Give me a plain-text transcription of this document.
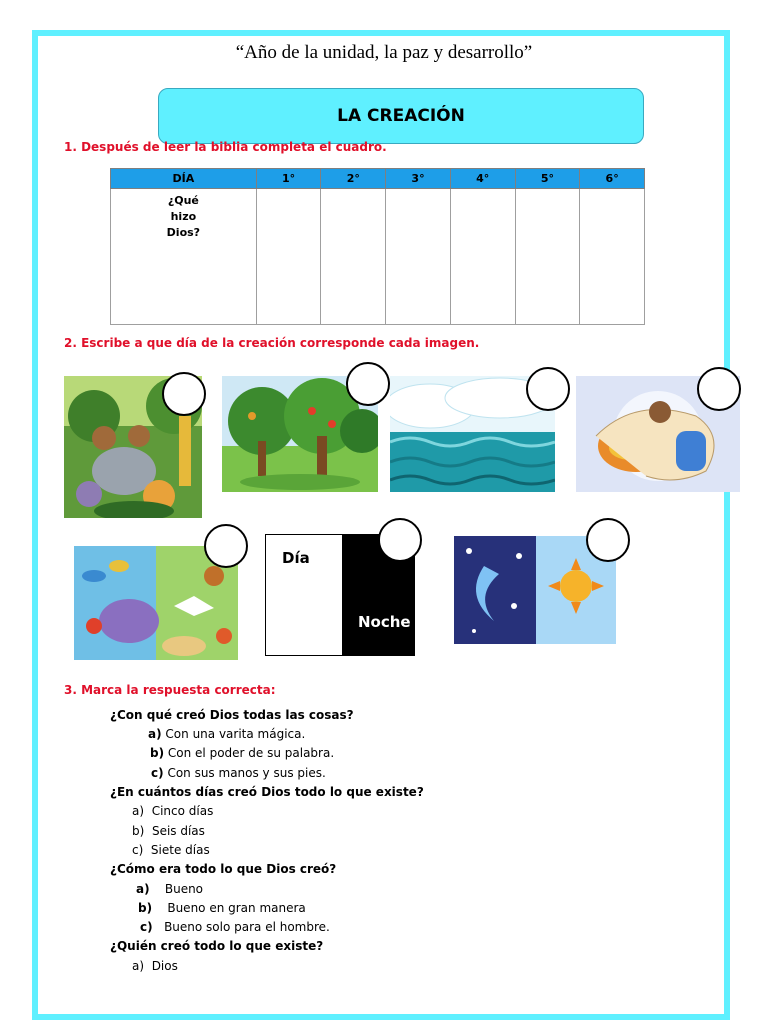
“Año de la unidad, la paz y desarrollo”
LA CREACIÓN
1. Después de leer la biblia completa el cuadro.
DÍA	1°	2°	3°	4°	5°	6°

¿Qué
hizo
Dios?						

2. Escribe a que día de la creación corresponde cada imagen.
Día
Noche
3. Marca la respuesta correcta:
¿Con qué creó Dios todas las cosas?
a) Con una varita mágica.
b) Con el poder de su palabra.
c) Con sus manos y sus pies.
¿En cuántos días creó Dios todo lo que existe?
a) Cinco días
b) Seis días
c) Siete días
¿Cómo era todo lo que Dios creó?
a) Bueno
b) Bueno en gran manera
c) Bueno solo para el hombre.
¿Quién creó todo lo que existe?
a) Dios
